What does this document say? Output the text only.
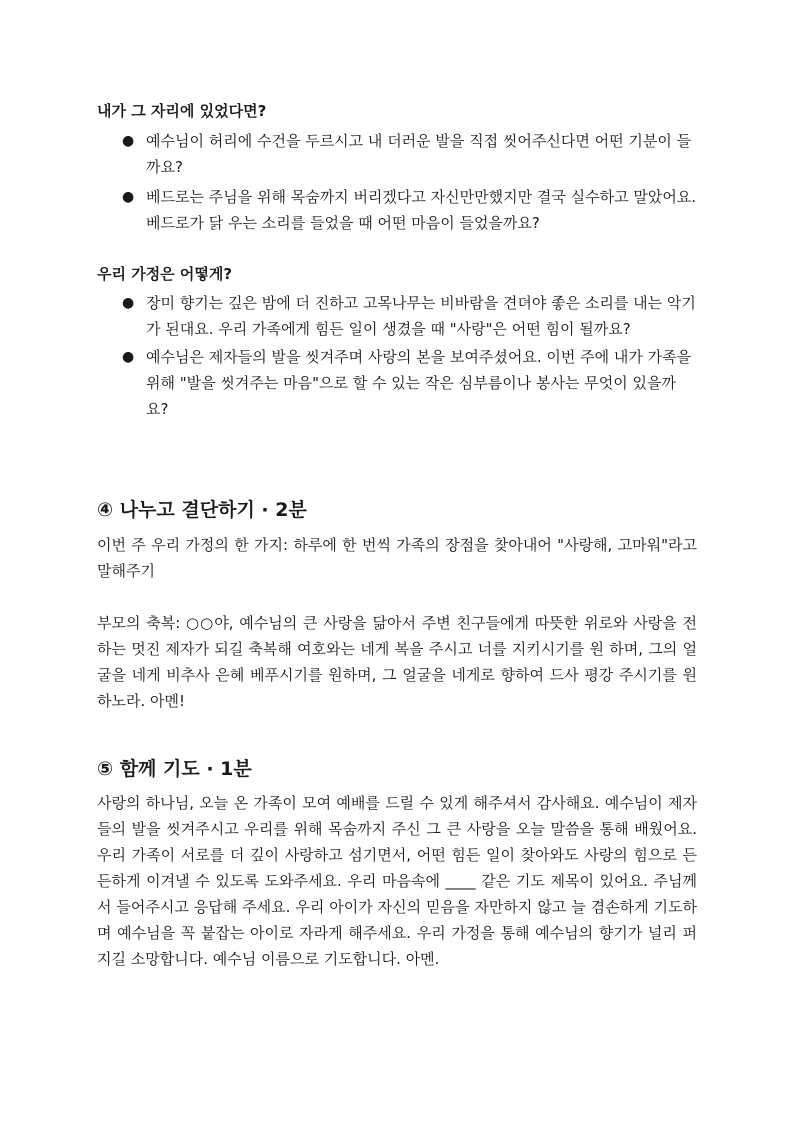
내가 그 자리에 있었다면?

● 예수님이 허리에 수건을 두르시고 내 더러운 발을 직접 씻어주신다면 어떤 기분이 들까요?
● 베드로는 주님을 위해 목숨까지 버리겠다고 자신만만했지만 결국 실수하고 말았어요. 베드로가 닭 우는 소리를 들었을 때 어떤 마음이 들었을까요?

우리 가정은 어떻게?

● 장미 향기는 깊은 밤에 더 진하고 고목나무는 비바람을 견뎌야 좋은 소리를 내는 악기가 된대요. 우리 가족에게 힘든 일이 생겼을 때 "사랑"은 어떤 힘이 될까요?
● 예수님은 제자들의 발을 씻겨주며 사랑의 본을 보여주셨어요. 이번 주에 내가 가족을 위해 "발을 씻겨주는 마음"으로 할 수 있는 작은 심부름이나 봉사는 무엇이 있을까요?
④ 나누고 결단하기 · 2분

이번 주 우리 가정의 한 가지: 하루에 한 번씩 가족의 장점을 찾아내어 "사랑해, 고마워"라고 말해주기

부모의 축복: ○○야, 예수님의 큰 사랑을 닮아서 주변 친구들에게 따뜻한 위로와 사랑을 전하는 멋진 제자가 되길 축복해 여호와는 네게 복을 주시고 너를 지키시기를 원 하며, 그의 얼굴을 네게 비추사 은혜 베푸시기를 원하며, 그 얼굴을 네게로 향하여 드사 평강 주시기를 원하노라. 아멘!

⑤ 함께 기도 · 1분

사랑의 하나님, 오늘 온 가족이 모여 예배를 드릴 수 있게 해주셔서 감사해요. 예수님이 제자들의 발을 씻겨주시고 우리를 위해 목숨까지 주신 그 큰 사랑을 오늘 말씀을 통해 배웠어요. 우리 가족이 서로를 더 깊이 사랑하고 섬기면서, 어떤 힘든 일이 찾아와도 사랑의 힘으로 든든하게 이겨낼 수 있도록 도와주세요. 우리 마음속에 ____ 같은 기도 제목이 있어요. 주님께서 들어주시고 응답해 주세요. 우리 아이가 자신의 믿음을 자만하지 않고 늘 겸손하게 기도하며 예수님을 꼭 붙잡는 아이로 자라게 해주세요. 우리 가정을 통해 예수님의 향기가 널리 퍼지길 소망합니다. 예수님 이름으로 기도합니다. 아멘.
